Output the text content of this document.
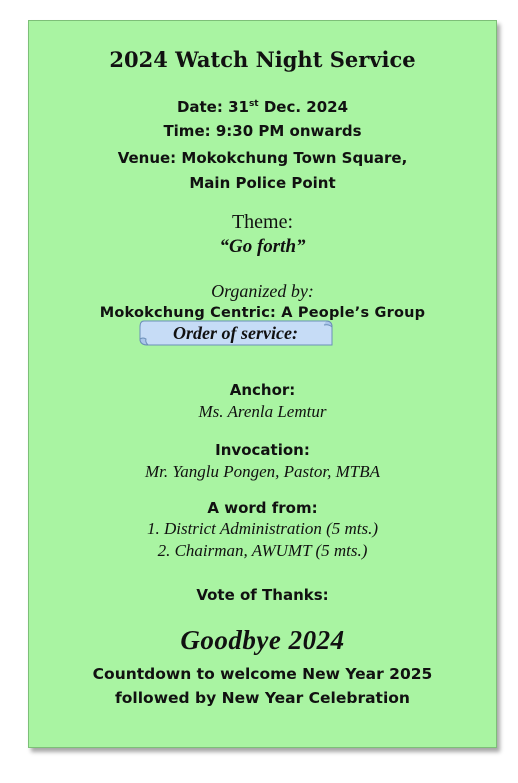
2024 Watch Night Service
Date: 31st Dec. 2024
Time: 9:30 PM onwards
Venue: Mokokchung Town Square,
Main Police Point
Theme:
“Go forth”
Organized by:
Mokokchung Centric: A People’s Group
Anchor:
Ms. Arenla Lemtur
Invocation:
Mr. Yanglu Pongen, Pastor, MTBA
A word from:
1. District Administration (5 mts.)
2. Chairman, AWUMT (5 mts.)
Vote of Thanks:
Goodbye 2024
Countdown to welcome New Year 2025
followed by New Year Celebration
Order of service:
